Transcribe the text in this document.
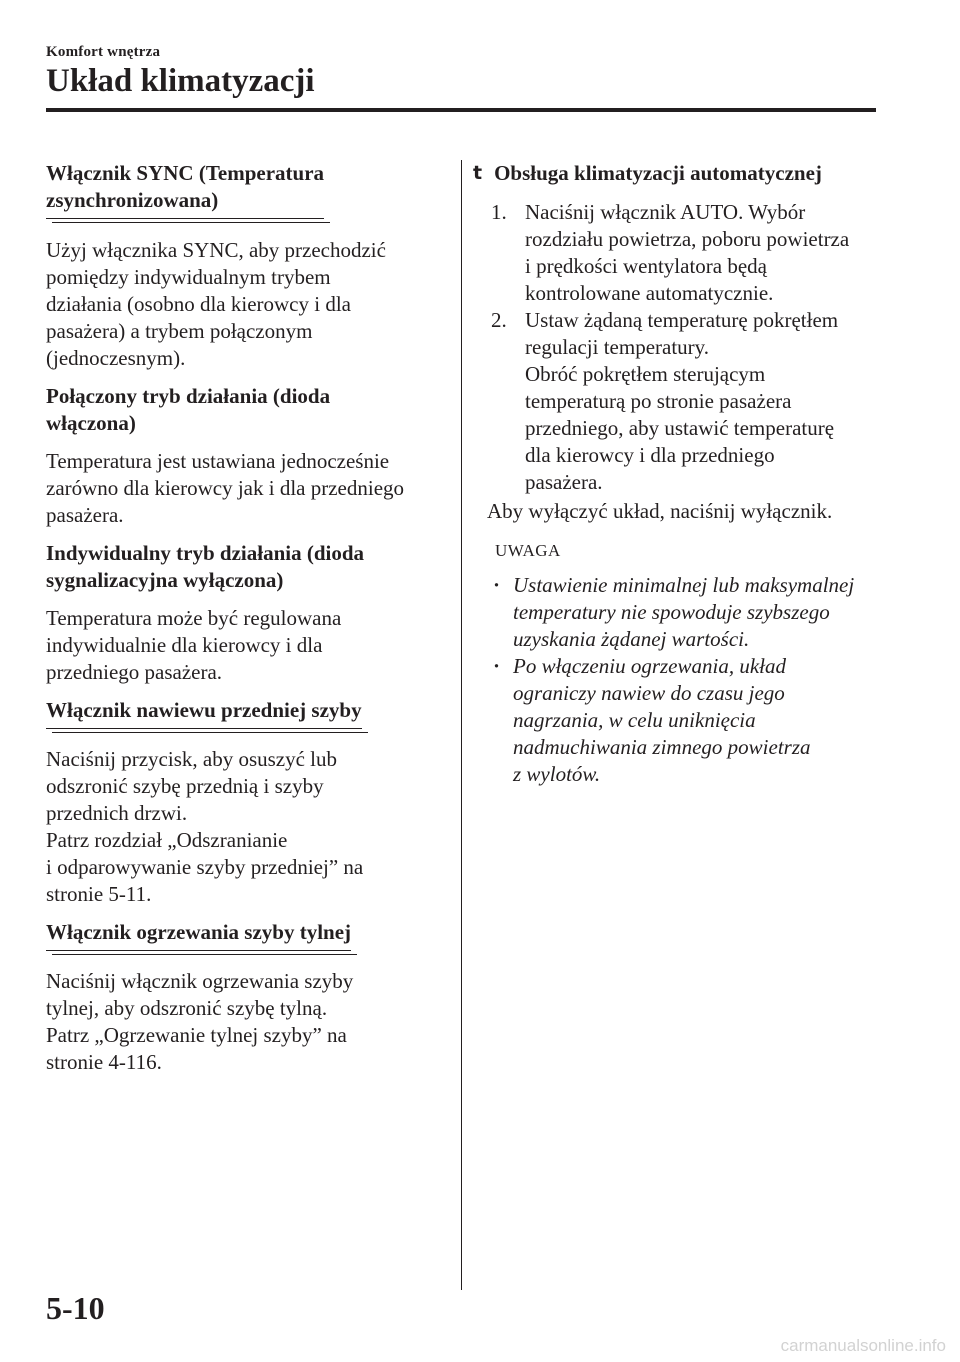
Komfort wnętrza
Układ klimatyzacji
Włącznik SYNC (Temperatura
zsynchronizowana)
Użyj włącznika SYNC, aby przechodzić
pomiędzy indywidualnym trybem
działania (osobno dla kierowcy i dla
pasażera) a trybem połączonym
(jednoczesnym).
Połączony tryb działania (dioda
włączona)
Temperatura jest ustawiana jednocześnie
zarówno dla kierowcy jak i dla przedniego
pasażera.
Indywidualny tryb działania (dioda
sygnalizacyjna wyłączona)
Temperatura może być regulowana
indywidualnie dla kierowcy i dla
przedniego pasażera.
Włącznik nawiewu przedniej szyby
Naciśnij przycisk, aby osuszyć lub
odszronić szybę przednią i szyby
przednich drzwi.
Patrz rozdział „Odszranianie
i odparowywanie szyby przedniej” na
stronie 5-11.
Włącznik ogrzewania szyby tylnej
Naciśnij włącznik ogrzewania szyby
tylnej, aby odszronić szybę tylną.
Patrz „Ogrzewanie tylnej szyby” na
stronie 4-116.
t Obsługa klimatyzacji automatycznej
1. Naciśnij włącznik AUTO. Wybór
rozdziału powietrza, poboru powietrza
i prędkości wentylatora będą
kontrolowane automatycznie.
2. Ustaw żądaną temperaturę pokrętłem
regulacji temperatury.
Obróć pokrętłem sterującym
temperaturą po stronie pasażera
przedniego, aby ustawić temperaturę
dla kierowcy i dla przedniego
pasażera.
Aby wyłączyć układ, naciśnij wyłącznik.
UWAGA
· Ustawienie minimalnej lub maksymalnej
temperatury nie spowoduje szybszego
uzyskania żądanej wartości.
· Po włączeniu ogrzewania, układ
ograniczy nawiew do czasu jego
nagrzania, w celu uniknięcia
nadmuchiwania zimnego powietrza
z wylotów.
5-10
carmanualsonline.info
